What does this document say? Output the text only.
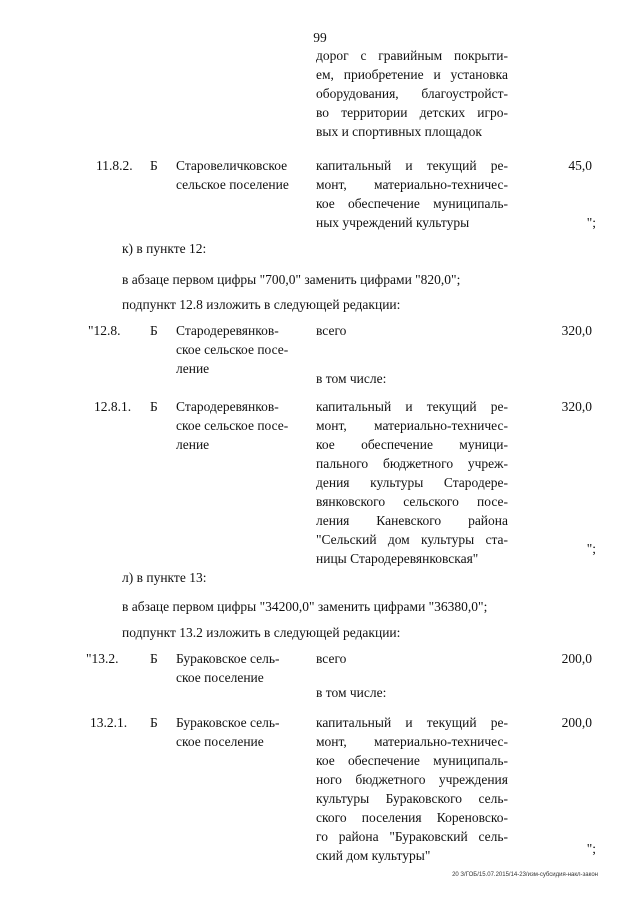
99
дорог с гравийным покрыти-
ем, приобретение и установка
оборудования, благоустройст-
во территории детских игро-
вых и спортивных площадок
11.8.2. Б Старовеличковское
сельское поселение
капитальный и текущий ре-
монт, материально-техничес-
кое обеспечение муниципаль-
ных учреждений культуры
45,0
";
к) в пункте 12:
в абзаце первом цифры "700,0" заменить цифрами "820,0";
подпункт 12.8 изложить в следующей редакции:
"12.8. Б Стародеревянков-
ское сельское посе-
ление
всего	320,0
в том числе:
12.8.1. Б Стародеревянков-
ское сельское посе-
ление
капитальный и текущий ре-
монт, материально-техничес-
кое обеспечение муници-
пального бюджетного учреж-
дения культуры Стародере-
вянковского сельского посе-
ления Каневского района
"Сельский дом культуры ста-
ницы Стародеревянковская"
320,0
";
л) в пункте 13:
в абзаце первом цифры "34200,0" заменить цифрами "36380,0";
подпункт 13.2 изложить в следующей редакции:
"13.2. Б Бураковское сель-
ское поселение
всего	200,0
в том числе:
13.2.1. Б Бураковское сель-
ское поселение
капитальный и текущий ре-
монт, материально-техничес-
кое обеспечение муниципаль-
ного бюджетного учреждения
культуры Бураковского сель-
ского поселения Кореновско-
го района "Бураковский сель-
ский дом культуры"
200,0
";
20 З/ГОБ/15.07.2015/14-23/изм-субсидия-накл-закон
